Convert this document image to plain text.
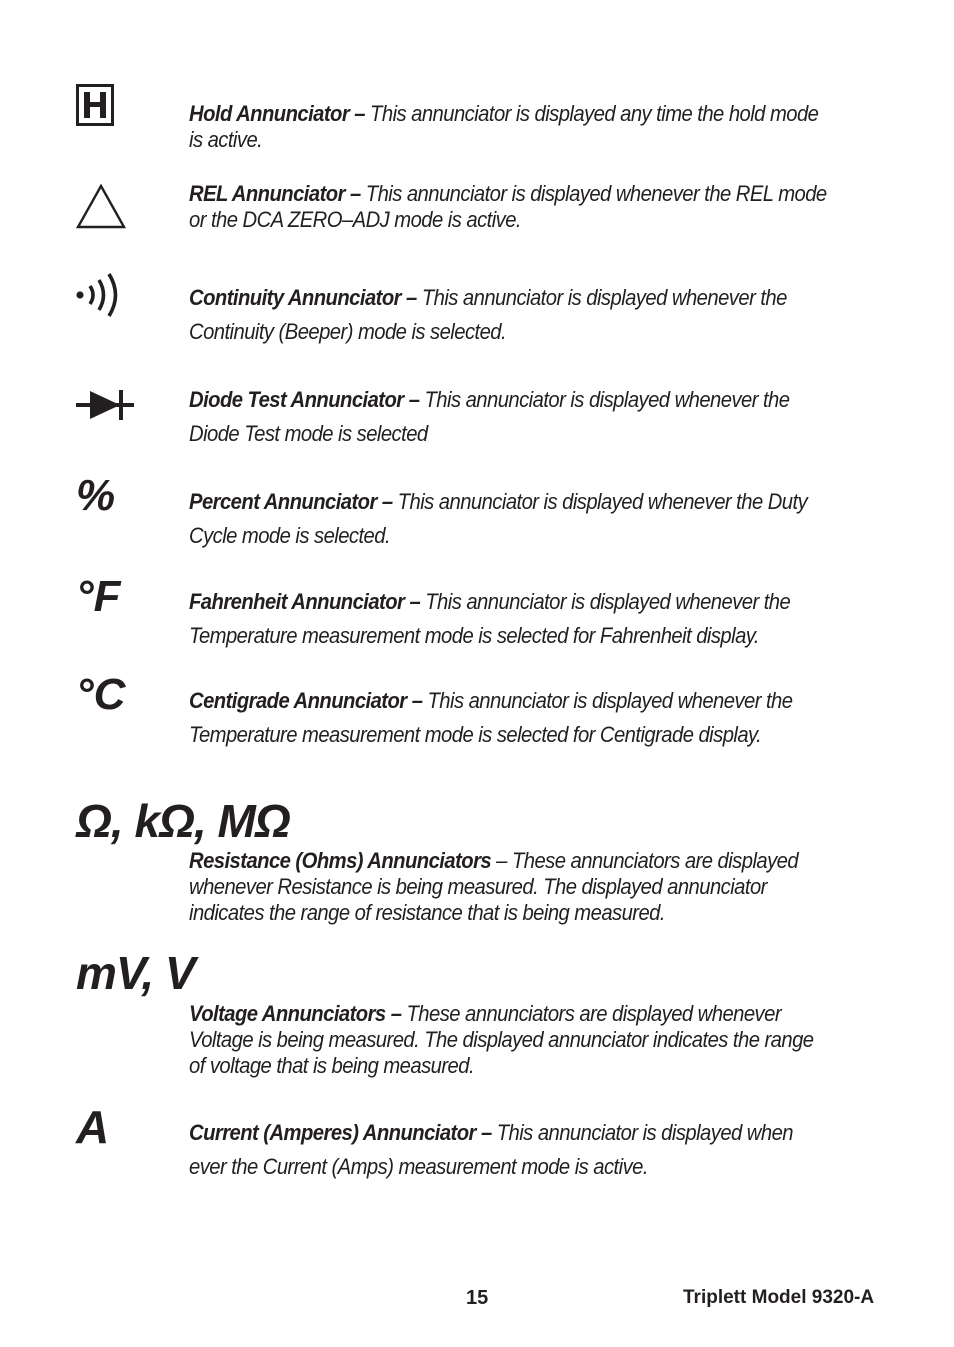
Hold Annunciator – This annunciator is displayed any time the hold mode is active.
REL Annunciator – This annunciator is displayed whenever the REL mode or the DCA ZERO–ADJ mode is active.
Continuity Annunciator – This annunciator is displayed whenever the Continuity (Beeper) mode is selected.
Diode Test Annunciator – This annunciator is displayed whenever the Diode Test mode is selected
%	Percent Annunciator – This annunciator is displayed whenever the Duty Cycle mode is selected.
°F	Fahrenheit Annunciator – This annunciator is displayed whenever the Temperature measurement mode is selected for Fahrenheit display.
°C	Centigrade Annunciator – This annunciator is displayed whenever the Temperature measurement mode is selected for Centigrade display.
Ω, kΩ, MΩ
Resistance (Ohms) Annunciators – These annunciators are displayed whenever Resistance is being measured. The displayed annunciator indicates the range of resistance that is being measured.
mV, V
Voltage Annunciators – These annunciators are displayed whenever Voltage is being measured. The displayed annunciator indicates the range of voltage that is being measured.
A	Current (Amperes) Annunciator – This annunciator is displayed when ever the Current (Amps) measurement mode is active.
15	Triplett Model 9320-A
